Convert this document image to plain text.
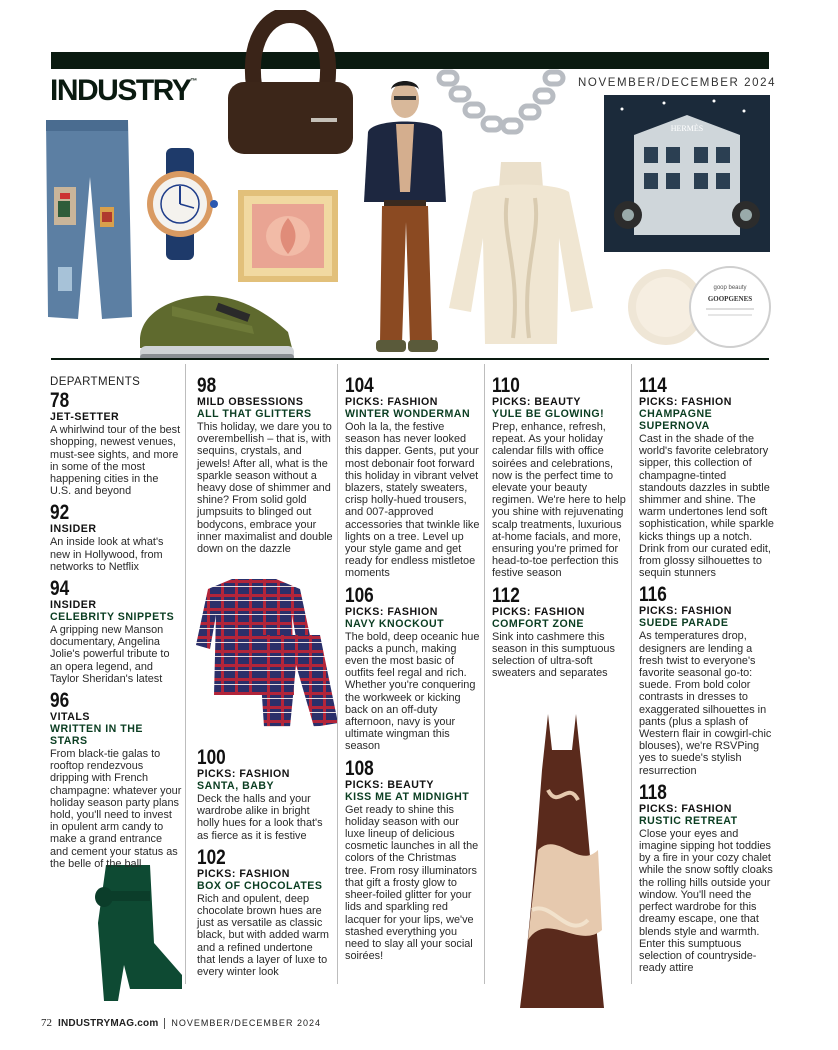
INDUSTRY™	NOVEMBER/DECEMBER 2024
HERMÈS
goop beauty
GOOPGENES
DEPARTMENTS
78
JET-SETTER
A whirlwind tour of the best shopping, newest venues, must-see sights, and more in some of the most happening cities in the U.S. and beyond
92
INSIDER
An inside look at what's new in Hollywood, from networks to Netflix
94
INSIDER
CELEBRITY SNIPPETS
A gripping new Manson documentary, Angelina Jolie's powerful tribute to an opera legend, and Taylor Sheridan's latest
96
VITALS
WRITTEN IN THE STARS
From black-tie galas to rooftop rendezvous dripping with French champagne: whatever your holiday season party plans hold, you'll need to invest in opulent arm candy to make a grand entrance and cement your status as the belle of the ball
98
MILD OBSESSIONS
ALL THAT GLITTERS
This holiday, we dare you to overembellish – that is, with sequins, crystals, and jewels! After all, what is the sparkle season without a heavy dose of shimmer and shine? From solid gold jumpsuits to blinged out bodycons, embrace your inner maximalist and double down on the dazzle
100
PICKS: FASHION
SANTA, BABY
Deck the halls and your wardrobe alike in bright holly hues for a look that's as fierce as it is festive
102
PICKS: FASHION
BOX OF CHOCOLATES
Rich and opulent, deep chocolate brown hues are just as versatile as classic black, but with added warm and a refined undertone that lends a layer of luxe to every winter look
104
PICKS: FASHION
WINTER WONDERMAN
Ooh la la, the festive season has never looked this dapper. Gents, put your most debonair foot forward this holiday in vibrant velvet blazers, stately sweaters, crisp holly-hued trousers, and 007-approved accessories that twinkle like lights on a tree. Level up your style game and get ready for endless mistletoe moments
106
PICKS: FASHION
NAVY KNOCKOUT
The bold, deep oceanic hue packs a punch, making even the most basic of outfits feel regal and rich. Whether you're conquering the workweek or kicking back on an off-duty afternoon, navy is your ultimate wingman this season
108
PICKS: BEAUTY
KISS ME AT MIDNIGHT
Get ready to shine this holiday season with our luxe lineup of delicious cosmetic launches in all the colors of the Christmas tree. From rosy illuminators that gift a frosty glow to sheer-foiled glitter for your lids and sparkling red lacquer for your lips, we've stashed everything you need to slay all your social soirées!
110
PICKS: BEAUTY
YULE BE GLOWING!
Prep, enhance, refresh, repeat. As your holiday calendar fills with office soirées and celebrations, now is the perfect time to elevate your beauty regimen. We're here to help you shine with rejuvenating scalp treatments, luxurious at-home facials, and more, ensuring you're primed for head-to-toe perfection this festive season
112
PICKS: FASHION
COMFORT ZONE
Sink into cashmere this season in this sumptuous selection of ultra-soft sweaters and separates
114
PICKS: FASHION
CHAMPAGNE SUPERNOVA
Cast in the shade of the world's favorite celebratory sipper, this collection of champagne-tinted standouts dazzles in subtle shimmer and shine. The warm undertones lend soft sophistication, while sparkle kicks things up a notch. Drink from our curated edit, from glossy silhouettes to sequin stunners
116
PICKS: FASHION
SUEDE PARADE
As temperatures drop, designers are lending a fresh twist to everyone's favorite seasonal go-to: suede. From bold color contrasts in dresses to exaggerated silhouettes in pants (plus a splash of Western flair in cowgirl-chic blouses), we're RSVPing yes to suede's stylish resurrection
118
PICKS: FASHION
RUSTIC RETREAT
Close your eyes and imagine sipping hot toddies by a fire in your cozy chalet while the snow softly cloaks the rolling hills outside your window. You'll need the perfect wardrobe for this dreamy escape, one that blends style and warmth. Enter this sumptuous selection of countryside-ready attire
72 INDUSTRYMAG.com NOVEMBER/DECEMBER 2024
